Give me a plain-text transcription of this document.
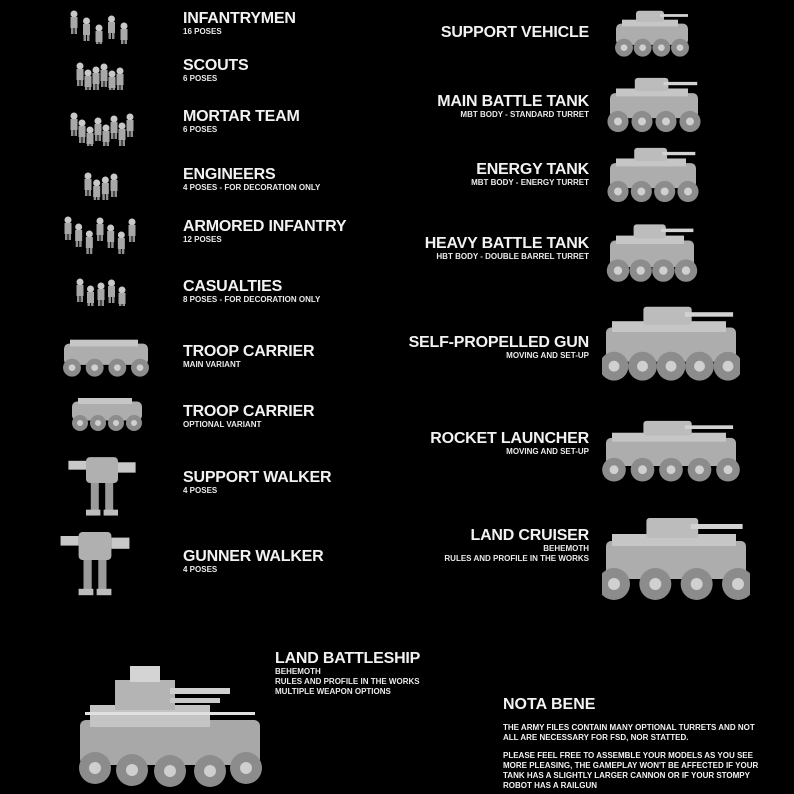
INFANTRYMEN
16 POSES
SCOUTS
6 POSES
MORTAR TEAM
6 POSES
ENGINEERS
4 POSES - FOR DECORATION ONLY
ARMORED INFANTRY
12 POSES
CASUALTIES
8 POSES - FOR DECORATION ONLY
TROOP CARRIER
MAIN VARIANT
TROOP CARRIER
OPTIONAL VARIANT
SUPPORT WALKER
4 POSES
GUNNER WALKER
4 POSES
SUPPORT VEHICLE
MAIN BATTLE TANK
MBT BODY - STANDARD TURRET
ENERGY TANK
MBT BODY - ENERGY TURRET
HEAVY BATTLE TANK
HBT BODY - DOUBLE BARREL TURRET
SELF-PROPELLED GUN
MOVING AND SET-UP
ROCKET LAUNCHER
MOVING AND SET-UP
LAND CRUISER
BEHEMOTH
RULES AND PROFILE IN THE WORKS
LAND BATTLESHIP
BEHEMOTH
RULES AND PROFILE IN THE WORKS
MULTIPLE WEAPON OPTIONS
NOTA BENE
THE ARMY FILES CONTAIN MANY OPTIONAL TURRETS AND NOT ALL ARE NECESSARY FOR FSD, NOR STATTED.
PLEASE FEEL FREE TO ASSEMBLE YOUR MODELS AS YOU SEE MORE PLEASING, THE GAMEPLAY WON'T BE AFFECTED IF YOUR TANK HAS A SLIGHTLY LARGER CANNON OR IF YOUR STOMPY ROBOT HAS A RAILGUN
